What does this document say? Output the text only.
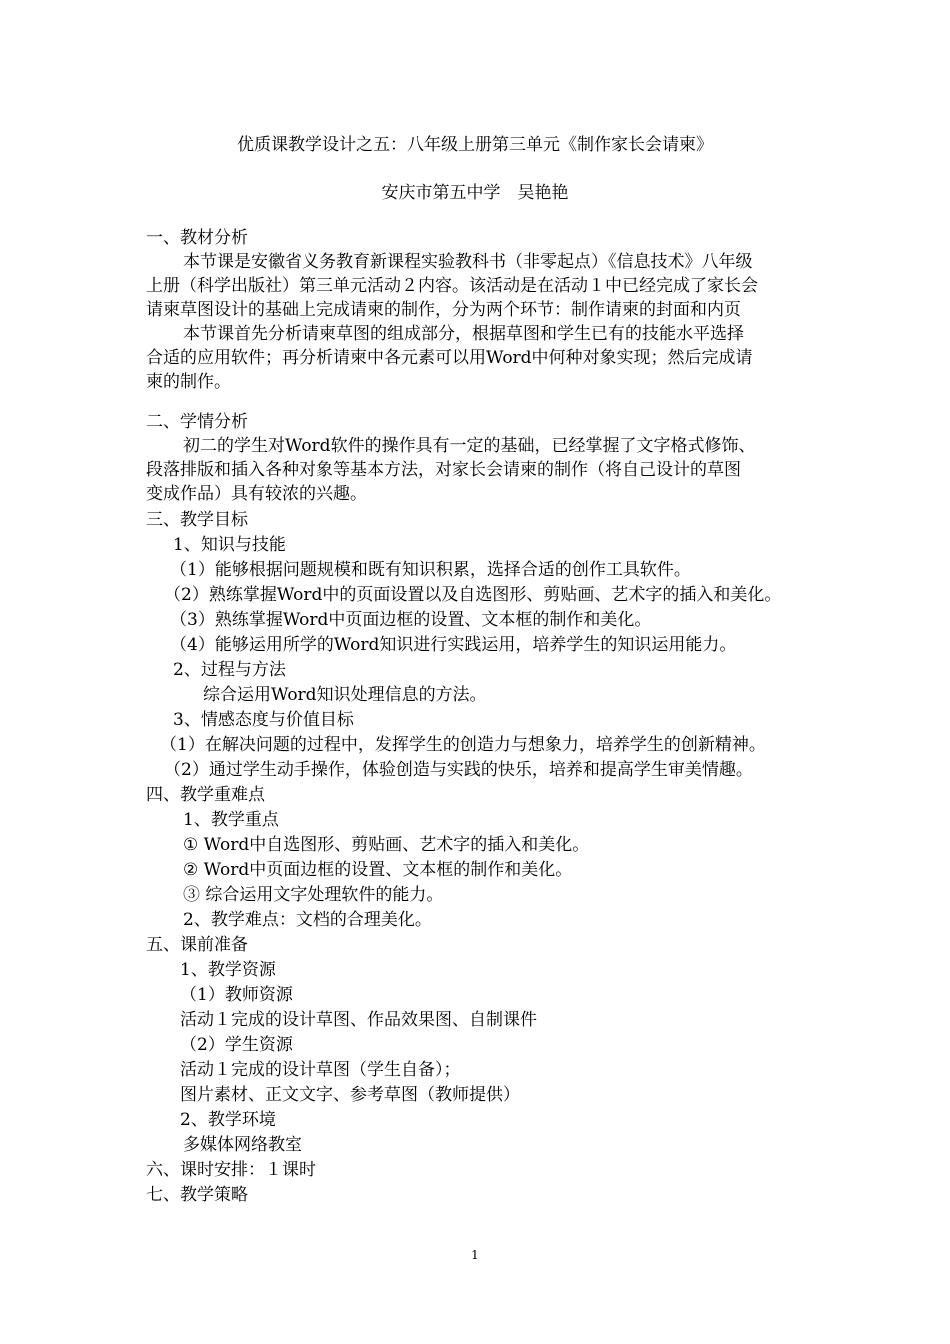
优质课教学设计之五：八年级上册第三单元《制作家长会请柬》
安庆市第五中学　吴艳艳
一、教材分析
本节课是安徽省义务教育新课程实验教科书（非零起点）《信息技术》八年级
上册（科学出版社）第三单元活动２内容。该活动是在活动１中已经完成了家长会
请柬草图设计的基础上完成请柬的制作，分为两个环节：制作请柬的封面和内页
本节课首先分析请柬草图的组成部分，根据草图和学生已有的技能水平选择
合适的应用软件；再分析请柬中各元素可以用Word中何种对象实现；然后完成请
柬的制作。
二、学情分析
初二的学生对Word软件的操作具有一定的基础，已经掌握了文字格式修饰、
段落排版和插入各种对象等基本方法，对家长会请柬的制作（将自己设计的草图
变成作品）具有较浓的兴趣。
三、教学目标
1、知识与技能
（1）能够根据问题规模和既有知识积累，选择合适的创作工具软件。
（2）熟练掌握Word中的页面设置以及自选图形、剪贴画、艺术字的插入和美化。
（3）熟练掌握Word中页面边框的设置、文本框的制作和美化。
（4）能够运用所学的Word知识进行实践运用，培养学生的知识运用能力。
2、过程与方法
综合运用Word知识处理信息的方法。
3、情感态度与价值目标
（1）在解决问题的过程中，发挥学生的创造力与想象力，培养学生的创新精神。
（2）通过学生动手操作，体验创造与实践的快乐，培养和提高学生审美情趣。
四、教学重难点
1、教学重点
① Word中自选图形、剪贴画、艺术字的插入和美化。
② Word中页面边框的设置、文本框的制作和美化。
③ 综合运用文字处理软件的能力。
2、教学难点：文档的合理美化。
五、课前准备
1、教学资源
（1）教师资源
活动１完成的设计草图、作品效果图、自制课件
（2）学生资源
活动１完成的设计草图（学生自备）；
图片素材、正文文字、参考草图（教师提供）
2、教学环境
多媒体网络教室
六、课时安排：１课时
七、教学策略
1
